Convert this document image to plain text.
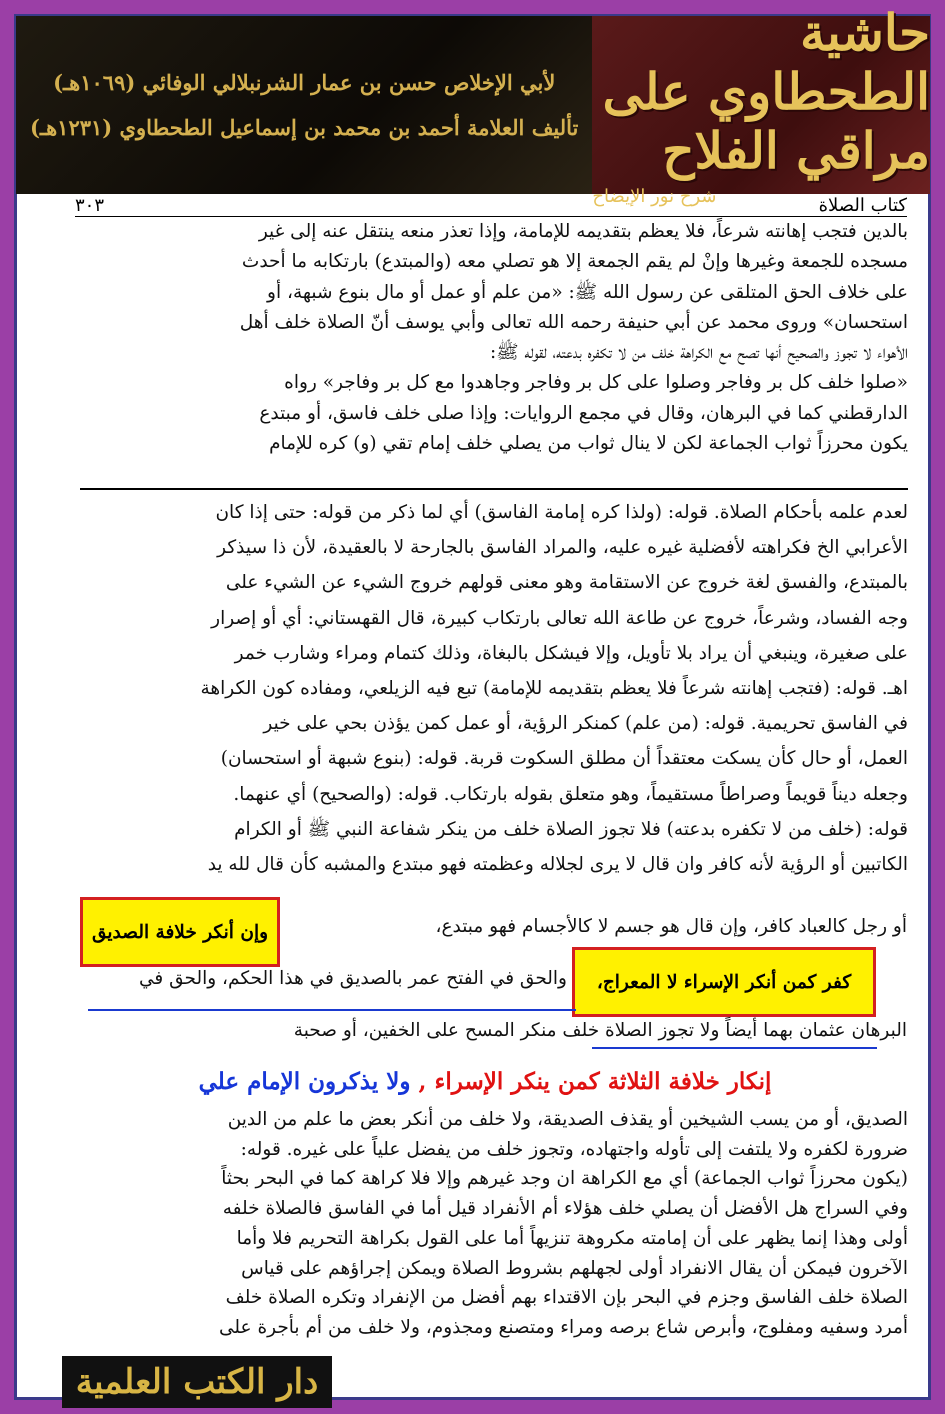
حاشية الطحطاوي على مراقي الفلاح
شرح نور الإيضاح
لأبي الإخلاص حسن بن عمار الشرنبلالي الوفائي (١٠٦٩هـ)
تأليف العلامة أحمد بن محمد بن إسماعيل الطحطاوي (١٢٣١هـ)
٣٠٣	كتاب الصلاة
بالدين فتجب إهانته شرعاً، فلا يعظم بتقديمه للإمامة، وإذا تعذر منعه ينتقل عنه إلى غير
مسجده للجمعة وغيرها وإنْ لم يقم الجمعة إلا هو تصلي معه (والمبتدع) بارتكابه ما أحدث
على خلاف الحق المتلقى عن رسول الله ﷺ: «من علم أو عمل أو مال بنوع شبهة، أو
استحسان» وروى محمد عن أبي حنيفة رحمه الله تعالى وأبي يوسف أنّ الصلاة خلف أهل
الأهواء لا تجوز والصحيح أنها تصح مع الكراهة خلف من لا تكفره بدعته، لقوله ﷺ:
«صلوا خلف كل بر وفاجر وصلوا على كل بر وفاجر وجاهدوا مع كل بر وفاجر» رواه
الدارقطني كما في البرهان، وقال في مجمع الروايات: وإذا صلى خلف فاسق، أو مبتدع
يكون محرزاً ثواب الجماعة لكن لا ينال ثواب من يصلي خلف إمام تقي (و) كره للإمام
لعدم علمه بأحكام الصلاة. قوله: (ولذا كره إمامة الفاسق) أي لما ذكر من قوله: حتى إذا كان
الأعرابي الخ فكراهته لأفضلية غيره عليه، والمراد الفاسق بالجارحة لا بالعقيدة، لأن ذا سيذكر
بالمبتدع، والفسق لغة خروج عن الاستقامة وهو معنى قولهم خروج الشيء عن الشيء على
وجه الفساد، وشرعاً، خروج عن طاعة الله تعالى بارتكاب كبيرة، قال القهستاني: أي أو إصرار
على صغيرة، وينبغي أن يراد بلا تأويل، وإلا فيشكل بالبغاة، وذلك كتمام ومراء وشارب خمر
اهـ. قوله: (فتجب إهانته شرعاً فلا يعظم بتقديمه للإمامة) تبع فيه الزيلعي، ومفاده كون الكراهة
في الفاسق تحريمية. قوله: (من علم) كمنكر الرؤية، أو عمل كمن يؤذن بحي على خير
العمل، أو حال كأن يسكت معتقداً أن مطلق السكوت قربة. قوله: (بنوع شبهة أو استحسان)
وجعله ديناً قويماً وصراطاً مستقيماً، وهو متعلق بقوله بارتكاب. قوله: (والصحيح) أي عنهما.
قوله: (خلف من لا تكفره بدعته) فلا تجوز الصلاة خلف من ينكر شفاعة النبي ﷺ أو الكرام
الكاتبين أو الرؤية لأنه كافر وان قال لا يرى لجلاله وعظمته فهو مبتدع والمشبه كأن قال لله يد
أو رجل كالعباد كافر، وإن قال هو جسم لا كالأجسام فهو مبتدع،
وإن أنكر خلافة الصديق
كفر كمن أنكر الإسراء لا المعراج،
والحق في الفتح عمر بالصديق في هذا الحكم، والحق في
البرهان عثمان بهما أيضاً ولا تجوز الصلاة خلف منكر المسح على الخفين، أو صحبة
إنكار خلافة الثلاثة كمن ينكر الإسراء , ولا يذكرون الإمام علي
الصديق، أو من يسب الشيخين أو يقذف الصديقة، ولا خلف من أنكر بعض ما علم من الدين
ضرورة لكفره ولا يلتفت إلى تأوله واجتهاده، وتجوز خلف من يفضل علياً على غيره. قوله:
(يكون محرزاً ثواب الجماعة) أي مع الكراهة ان وجد غيرهم وإلا فلا كراهة كما في البحر بحثاً
وفي السراج هل الأفضل أن يصلي خلف هؤلاء أم الأنفراد قيل أما في الفاسق فالصلاة خلفه
أولى وهذا إنما يظهر على أن إمامته مكروهة تنزيهاً أما على القول بكراهة التحريم فلا وأما
الآخرون فيمكن أن يقال الانفراد أولى لجهلهم بشروط الصلاة ويمكن إجراؤهم على قياس
الصلاة خلف الفاسق وجزم في البحر بإن الاقتداء بهم أفضل من الإنفراد وتكره الصلاة خلف
أمرد وسفيه ومفلوج، وأبرص شاع برصه ومراء ومتصنع ومجذوم، ولا خلف من أم بأجرة على
دار الكتب العلمية
